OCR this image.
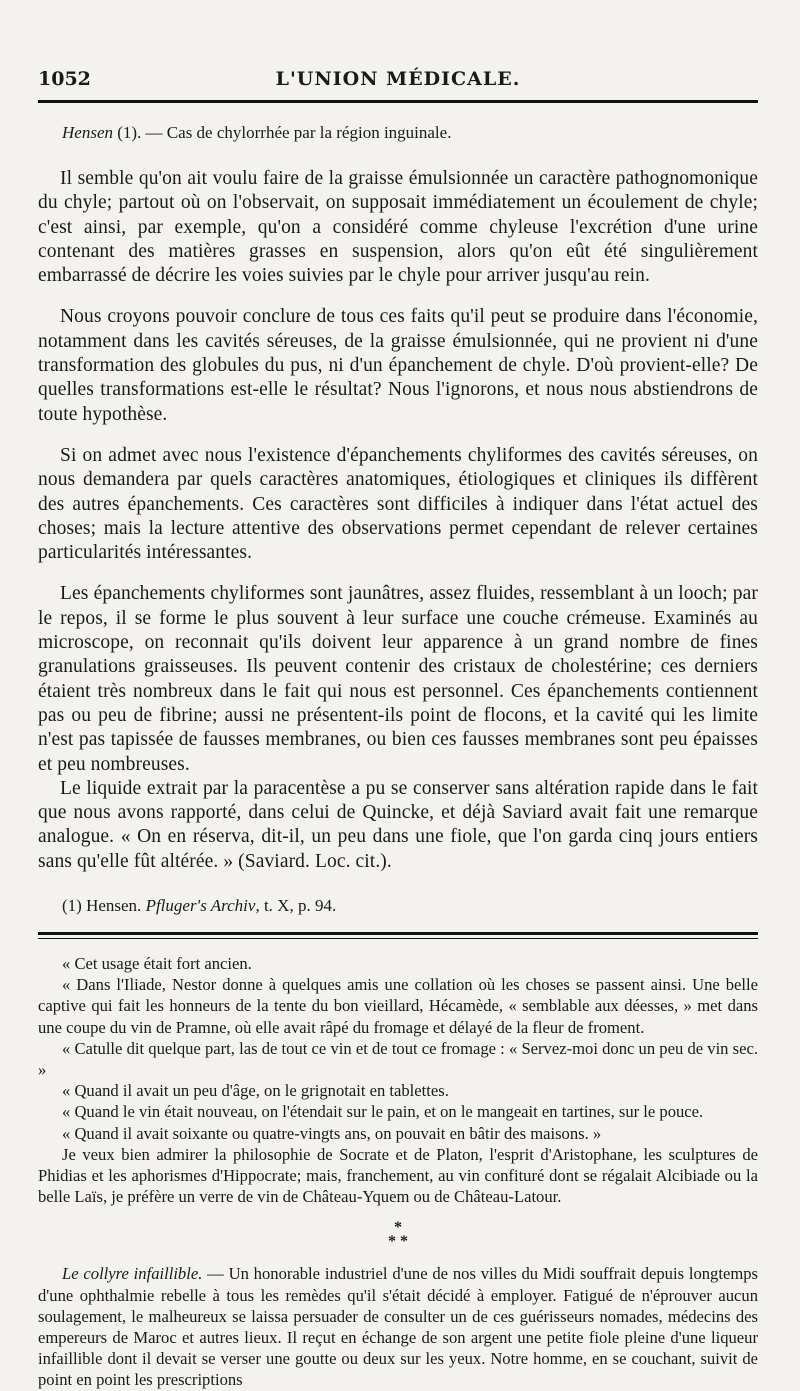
1052	L'UNION MÉDICALE.
Hensen (1). — Cas de chylorrhée par la région inguinale.

Il semble qu'on ait voulu faire de la graisse émulsionnée un caractère pathognomonique du chyle; partout où on l'observait, on supposait immédiatement un écoulement de chyle; c'est ainsi, par exemple, qu'on a considéré comme chyleuse l'excrétion d'une urine contenant des matières grasses en suspension, alors qu'on eût été singulièrement embarrassé de décrire les voies suivies par le chyle pour arriver jusqu'au rein.

Nous croyons pouvoir conclure de tous ces faits qu'il peut se produire dans l'économie, notamment dans les cavités séreuses, de la graisse émulsionnée, qui ne provient ni d'une transformation des globules du pus, ni d'un épanchement de chyle. D'où provient-elle? De quelles transformations est-elle le résultat? Nous l'ignorons, et nous nous abstiendrons de toute hypothèse.

Si on admet avec nous l'existence d'épanchements chyliformes des cavités séreuses, on nous demandera par quels caractères anatomiques, étiologiques et cliniques ils diffèrent des autres épanchements. Ces caractères sont difficiles à indiquer dans l'état actuel des choses; mais la lecture attentive des observations permet cependant de relever certaines particularités intéressantes.

Les épanchements chyliformes sont jaunâtres, assez fluides, ressemblant à un looch; par le repos, il se forme le plus souvent à leur surface une couche crémeuse. Examinés au microscope, on reconnait qu'ils doivent leur apparence à un grand nombre de fines granulations graisseuses. Ils peuvent contenir des cristaux de cholestérine; ces derniers étaient très nombreux dans le fait qui nous est personnel. Ces épanchements contiennent pas ou peu de fibrine; aussi ne présentent-ils point de flocons, et la cavité qui les limite n'est pas tapissée de fausses membranes, ou bien ces fausses membranes sont peu épaisses et peu nombreuses.

Le liquide extrait par la paracentèse a pu se conserver sans altération rapide dans le fait que nous avons rapporté, dans celui de Quincke, et déjà Saviard avait fait une remarque analogue. « On en réserva, dit-il, un peu dans une fiole, que l'on garda cinq jours entiers sans qu'elle fût altérée. » (Saviard. Loc. cit.).

(1) Hensen. Pfluger's Archiv, t. X, p. 94.

« Cet usage était fort ancien.

« Dans l'Iliade, Nestor donne à quelques amis une collation où les choses se passent ainsi. Une belle captive qui fait les honneurs de la tente du bon vieillard, Hécamède, « semblable aux déesses, » met dans une coupe du vin de Pramne, où elle avait râpé du fromage et délayé de la fleur de froment.

« Catulle dit quelque part, las de tout ce vin et de tout ce fromage : « Servez-moi donc un peu de vin sec. »

« Quand il avait un peu d'âge, on le grignotait en tablettes.

« Quand le vin était nouveau, on l'étendait sur le pain, et on le mangeait en tartines, sur le pouce.

« Quand il avait soixante ou quatre-vingts ans, on pouvait en bâtir des maisons. »

Je veux bien admirer la philosophie de Socrate et de Platon, l'esprit d'Aristophane, les sculptures de Phidias et les aphorismes d'Hippocrate; mais, franchement, au vin confituré dont se régalait Alcibiade ou la belle Laïs, je préfère un verre de vin de Château-Yquem ou de Château-Latour.

*
* *

Le collyre infaillible. — Un honorable industriel d'une de nos villes du Midi souffrait depuis longtemps d'une ophthalmie rebelle à tous les remèdes qu'il s'était décidé à employer. Fatigué de n'éprouver aucun soulagement, le malheureux se laissa persuader de consulter un de ces guérisseurs nomades, médecins des empereurs de Maroc et autres lieux. Il reçut en échange de son argent une petite fiole pleine d'une liqueur infaillible dont il devait se verser une goutte ou deux sur les yeux. Notre homme, en se couchant, suivit de point en point les prescriptions
